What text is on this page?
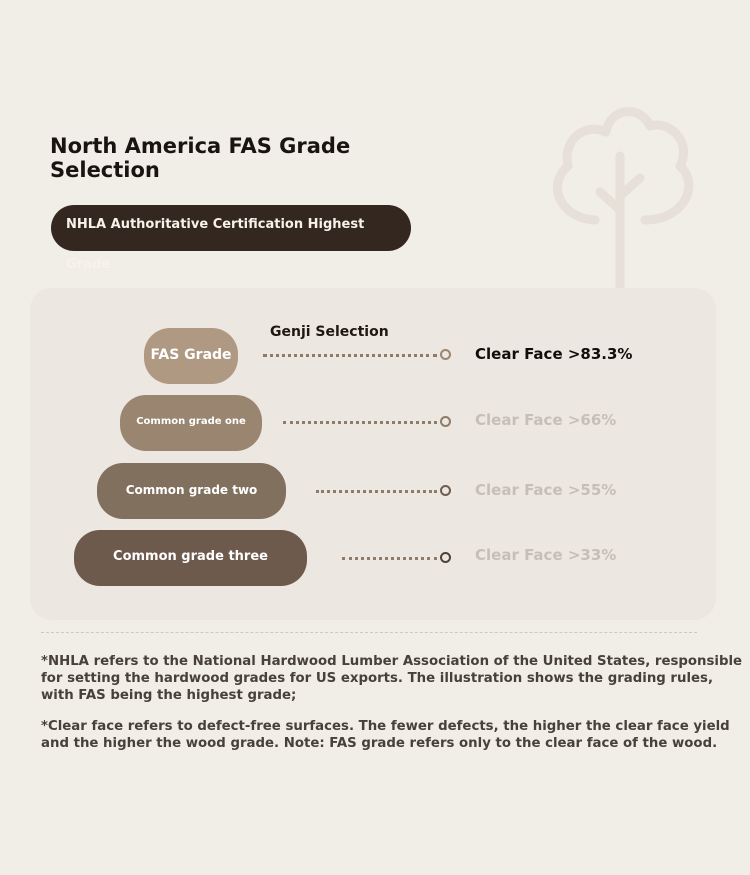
North America FAS Grade Selection
NHLA Authoritative Certification Highest Grade
Genji Selection
FAS Grade	Clear Face >83.3%
Common grade one	Clear Face >66%
Common grade two	Clear Face >55%
Common grade three	Clear Face >33%
*NHLA refers to the National Hardwood Lumber Association of the United States, responsible for setting the hardwood grades for US exports. The illustration shows the grading rules, with FAS being the highest grade;
*Clear face refers to defect-free surfaces. The fewer defects, the higher the clear face yield and the higher the wood grade. Note: FAS grade refers only to the clear face of the wood.
